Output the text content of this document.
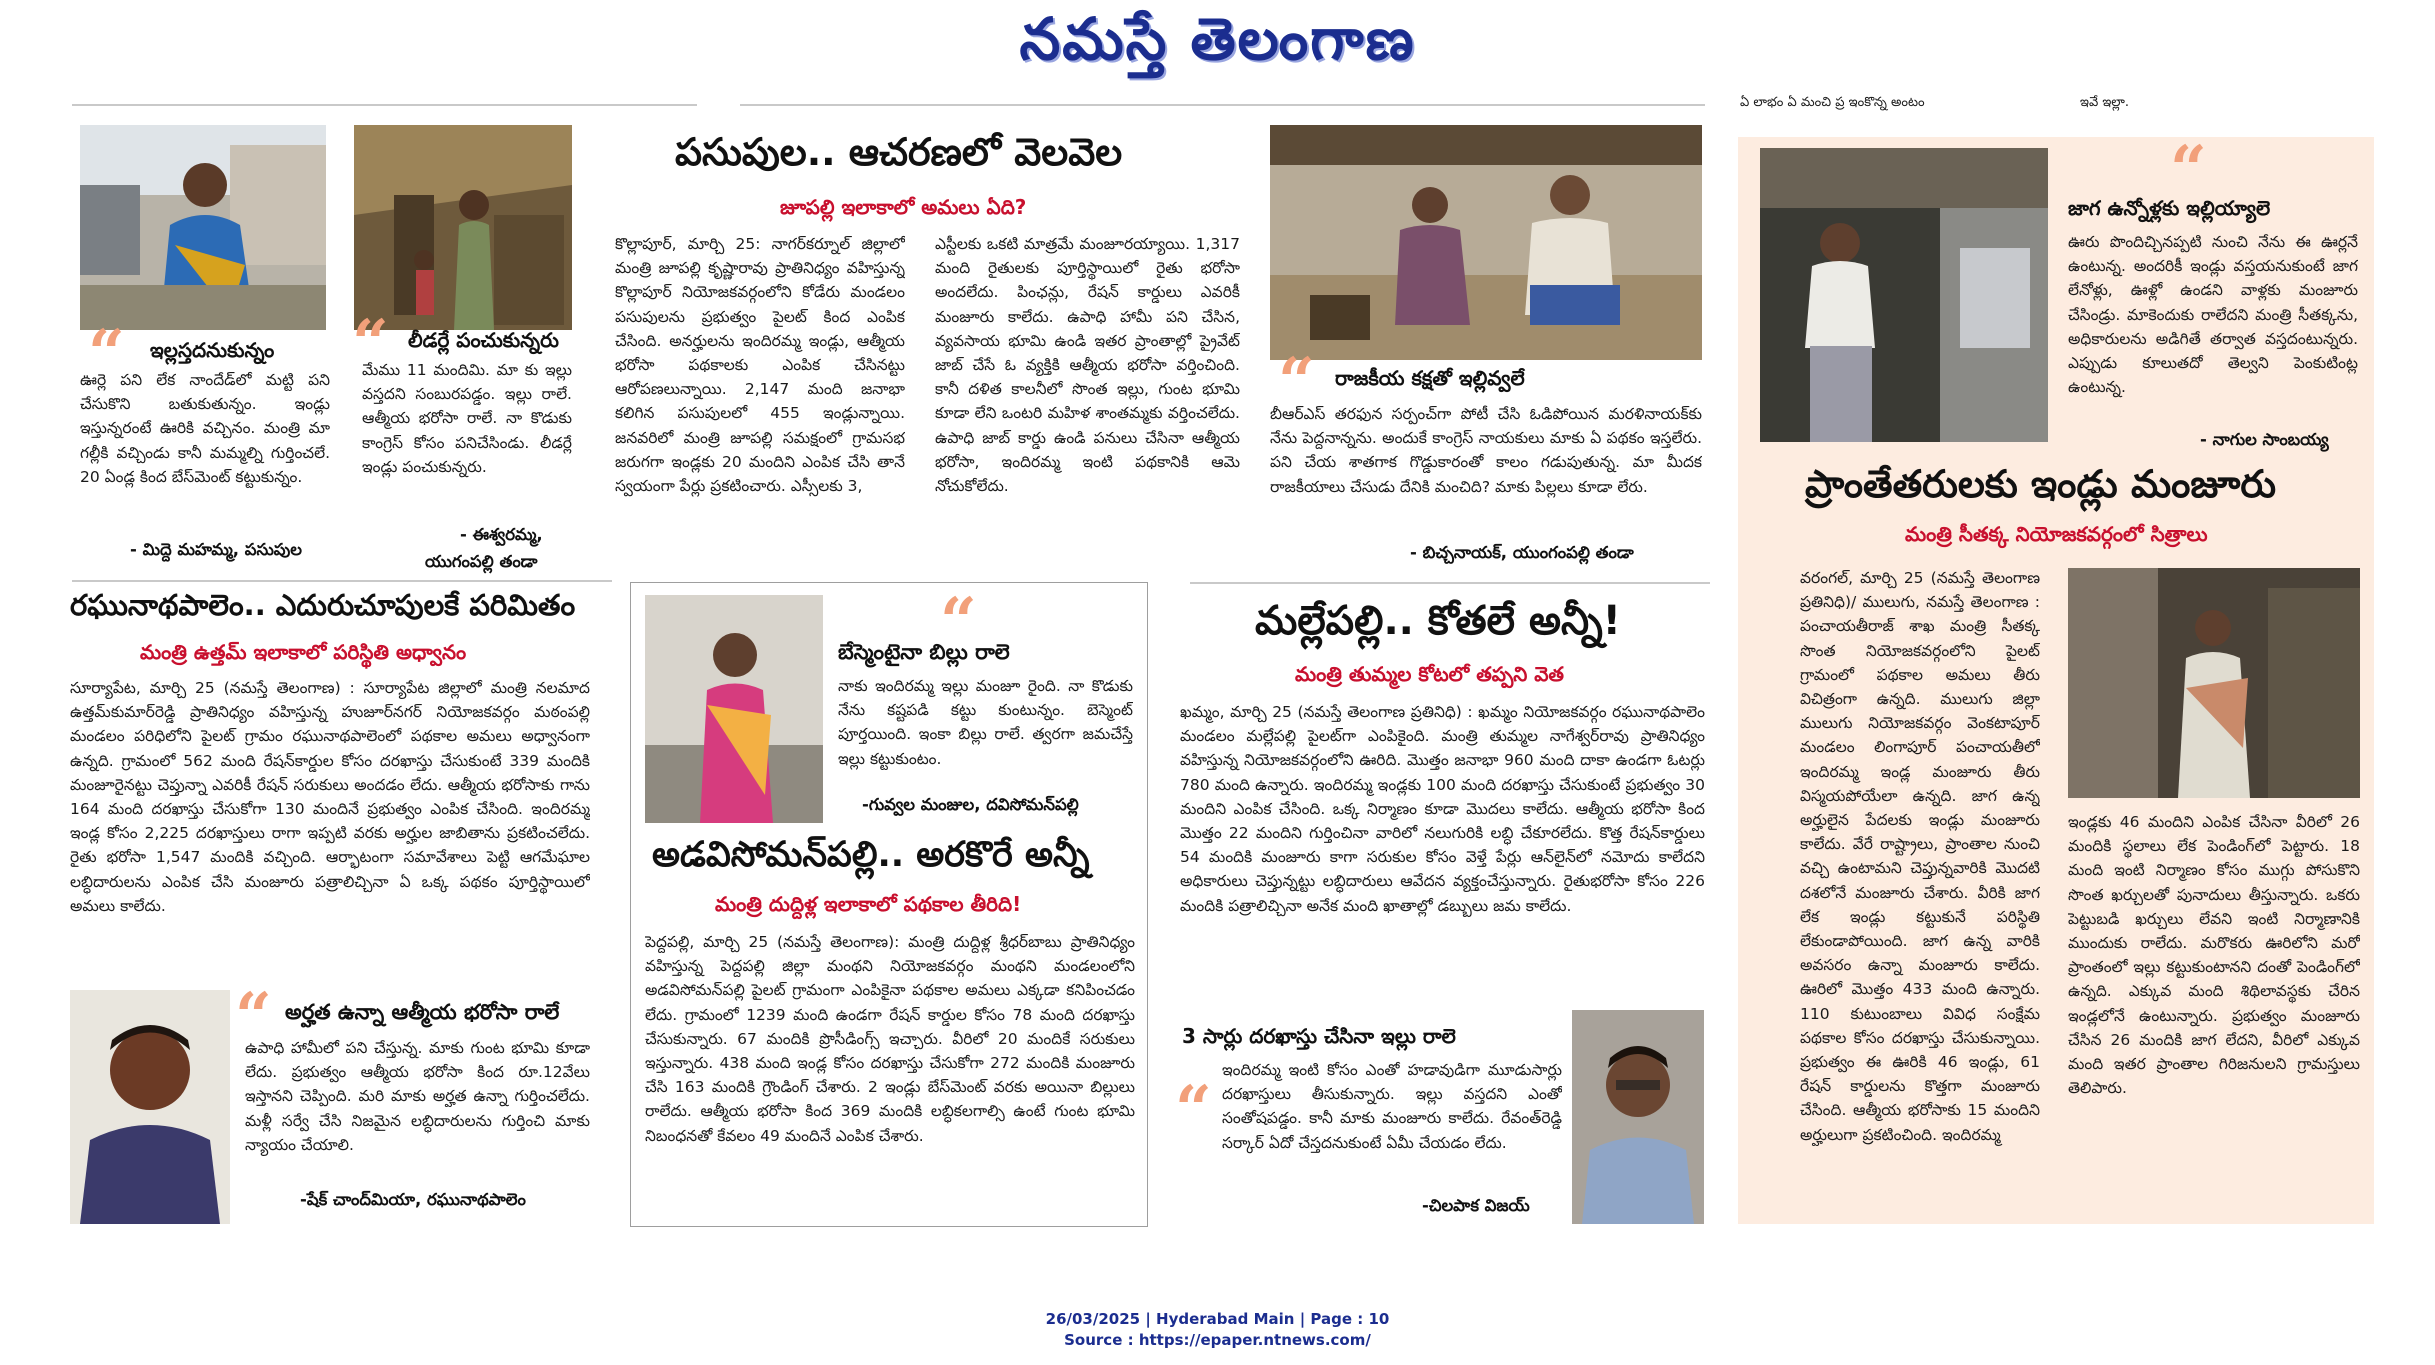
నమస్తే తెలంగాణ
ఏ లాభం ఏ మంచి ప్ర ఇంకొన్న అంటం	ఇవే ఇల్లా.
“ ఇల్లస్తదనుకున్నం
ఊర్లె పని లేక నాందేడ్‌లో మట్టి పని చేసుకొని బతుకుతున్నం. ఇండ్లు ఇస్తున్నరంటే ఊరికి వచ్చినం. మంత్రి మా గల్లీకి వచ్చిండు కానీ మమ్మల్ని గుర్తించలే. 20 ఏండ్ల కింద బేస్‌మెంట్ కట్టుకున్నం.
- మిద్దె మహమ్మ, పసుపుల
“ లీడర్లే పంచుకున్నరు
మేము 11 మందిమి. మా కు ఇల్లు వస్తదని సంబురపడ్డం. ఇల్లు రాలే. ఆత్మీయ భరోసా రాలే. నా కొడుకు కాంగ్రెస్ కోసం పనిచేసిండు. లీడర్లే ఇండ్లు పంచుకున్నరు.
- ఈశ్వరమ్మ,
యుగంపల్లి తండా
పసుపుల.. ఆచరణలో వెలవెల
జూపల్లి ఇలాకాలో అమలు ఏది?
కొల్లాపూర్, మార్చి 25: నాగర్‌కర్నూల్ జిల్లాలో మంత్రి జూపల్లి కృష్ణారావు ప్రాతినిధ్యం వహిస్తున్న కొల్లాపూర్ నియోజకవర్గంలోని కోడేరు మండలం పసుపులను ప్రభుత్వం పైలట్ కింద ఎంపిక చేసింది. అనర్హులను ఇందిరమ్మ ఇండ్లు, ఆత్మీయ భరోసా పథకాలకు ఎంపిక చేసినట్టు ఆరోపణలున్నాయి. 2,147 మంది జనాభా కలిగిన పసుపులలో 455 ఇండ్లున్నాయి. జనవరిలో మంత్రి జూపల్లి సమక్షంలో గ్రామసభ జరుగగా ఇండ్లకు 20 మందిని ఎంపిక చేసి తానే స్వయంగా పేర్లు ప్రకటించారు. ఎస్సీలకు 3,
ఎస్టీలకు ఒకటి మాత్రమే మంజూరయ్యాయి. 1,317 మంది రైతులకు పూర్తిస్థాయిలో రైతు భరోసా అందలేదు. పింఛన్లు, రేషన్ కార్డులు ఎవరికీ మంజూరు కాలేదు. ఉపాధి హామీ పని చేసిన, వ్యవసాయ భూమి ఉండి ఇతర ప్రాంతాల్లో ప్రైవేట్ జాబ్ చేసే ఓ వ్యక్తికి ఆత్మీయ భరోసా వర్తించింది. కానీ దళిత కాలనీలో సొంత ఇల్లు, గుంట భూమి కూడా లేని ఒంటరి మహిళ శాంతమ్మకు వర్తించలేదు. ఉపాధి జాబ్ కార్డు ఉండి పనులు చేసినా ఆత్మీయ భరోసా, ఇందిరమ్మ ఇంటి పథకానికి ఆమె నోచుకోలేదు.
“ రాజకీయ కక్షతో ఇల్లివ్వలే
బీఆర్ఎస్ తరఫున సర్పంచ్‌గా పోటీ చేసి ఓడిపోయిన మరళినాయక్‌కు నేను పెద్దనాన్నను. అందుకే కాంగ్రెస్ నాయకులు మాకు ఏ పథకం ఇస్తలేరు. పని చేయ శాతగాక గొడ్డుకారంతో కాలం గడుపుతున్న. మా మీదక రాజకీయాలు చేసుడు దేనికి మంచిది? మాకు పిల్లలు కూడా లేరు.
- బిచ్చనాయక్, యుంగంపల్లి తండా
“
జాగ ఉన్నోళ్లకు ఇల్లియ్యాలె
ఊరు పొందిచ్చినప్పటి నుంచి నేను ఈ ఊర్లనే ఉంటున్న. అందరికీ ఇండ్లు వస్తయనుకుంటే జాగ లేనోళ్లు, ఊళ్లో ఉండని వాళ్లకు మంజూరు చేసిండ్రు. మాకెందుకు రాలేదని మంత్రి సీతక్కను, అధికారులను అడిగితే తర్వాత వస్తదంటున్నరు. ఎప్పుడు కూలుతదో తెల్వని పెంకుటింట్ల ఉంటున్న.
- నాగుల సాంబయ్య
ప్రాంతేతరులకు ఇండ్లు మంజూరు
మంత్రి సీతక్క నియోజకవర్గంలో సిత్రాలు
వరంగల్, మార్చి 25 (నమస్తే తెలంగాణ ప్రతినిధి)/ ములుగు, నమస్తే తెలంగాణ : పంచాయతీరాజ్ శాఖ మంత్రి సీతక్క సొంత నియోజకవర్గంలోని పైలట్ గ్రామంలో పథకాల అమలు తీరు విచిత్రంగా ఉన్నది. ములుగు జిల్లా ములుగు నియోజకవర్గం వెంకటాపూర్ మండలం లింగాపూర్ పంచాయతీలో ఇందిరమ్మ ఇండ్ల మంజూరు తీరు విస్మయపోయేలా ఉన్నది. జాగ ఉన్న అర్హులైన పేదలకు ఇండ్లు మంజూరు కాలేదు. వేరే రాష్ట్రాలు, ప్రాంతాల నుంచి వచ్చి ఉంటామని చెప్తున్నవారికి మొదటి దశలోనే మంజూరు చేశారు. వీరికి జాగ లేక ఇండ్లు కట్టుకునే పరిస్థితి లేకుండాపోయింది. జాగ ఉన్న వారికి అవసరం ఉన్నా మంజూరు కాలేదు. ఊరిలో మొత్తం 433 మంది ఉన్నారు. 110 కుటుంబాలు వివిధ సంక్షేమ పథకాల కోసం దరఖాస్తు చేసుకున్నాయి. ప్రభుత్వం ఈ ఊరికి 46 ఇండ్లు, 61 రేషన్ కార్డులను కొత్తగా మంజూరు చేసింది. ఆత్మీయ భరోసాకు 15 మందిని అర్హులుగా ప్రకటించింది. ఇందిరమ్మ
ఇండ్లకు 46 మందిని ఎంపిక చేసినా వీరిలో 26 మందికి స్థలాలు లేక పెండింగ్‌లో పెట్టారు. 18 మంది ఇంటి నిర్మాణం కోసం ముగ్గు పోసుకొని సొంత ఖర్చులతో పునాదులు తీస్తున్నారు. ఒకరు పెట్టుబడి ఖర్చులు లేవని ఇంటి నిర్మాణానికి ముందుకు రాలేదు. మరొకరు ఊరిలోని మరో ప్రాంతంలో ఇల్లు కట్టుకుంటానని దంతో పెండింగ్‌లో ఉన్నది. ఎక్కువ మంది శిథిలావస్థకు చేరిన ఇండ్లలోనే ఉంటున్నారు. ప్రభుత్వం మంజూరు చేసిన 26 మందికి జాగ లేదని, వీరిలో ఎక్కువ మంది ఇతర ప్రాంతాల గిరిజనులని గ్రామస్తులు తెలిపారు.
రఘునాథపాలెం.. ఎదురుచూపులకే పరిమితం
మంత్రి ఉత్తమ్ ఇలాకాలో పరిస్థితి అధ్వానం
సూర్యాపేట, మార్చి 25 (నమస్తే తెలంగాణ) : సూర్యాపేట జిల్లాలో మంత్రి నలమాద ఉత్తమ్‌కుమార్‌రెడ్డి ప్రాతినిధ్యం వహిస్తున్న హుజూర్‌నగర్ నియోజకవర్గం మఠంపల్లి మండలం పరిధిలోని పైలట్ గ్రామం రఘునాథపాలెంలో పథకాల అమలు అధ్వానంగా ఉన్నది. గ్రామంలో 562 మంది రేషన్‌కార్డుల కోసం దరఖాస్తు చేసుకుంటే 339 మందికి మంజూరైనట్టు చెప్తున్నా ఎవరికీ రేషన్ సరుకులు అందడం లేదు. ఆత్మీయ భరోసాకు గాను 164 మంది దరఖాస్తు చేసుకోగా 130 మందినే ప్రభుత్వం ఎంపిక చేసింది. ఇందిరమ్మ ఇండ్ల కోసం 2,225 దరఖాస్తులు రాగా ఇప్పటి వరకు అర్హుల జాబితాను ప్రకటించలేదు. రైతు భరోసా 1,547 మందికి వచ్చింది. ఆర్భాటంగా సమావేశాలు పెట్టి ఆగమేఘాల లబ్ధిదారులను ఎంపిక చేసి మంజూరు పత్రాలిచ్చినా ఏ ఒక్క పథకం పూర్తిస్థాయిలో అమలు కాలేదు.
“ అర్హత ఉన్నా ఆత్మీయ భరోసా రాలే
ఉపాధి హామీలో పని చేస్తున్న. మాకు గుంట భూమి కూడా లేదు. ప్రభుత్వం ఆత్మీయ భరోసా కింద రూ.12వేలు ఇస్తానని చెప్పింది. మరి మాకు అర్హత ఉన్నా గుర్తించలేదు. మళ్లీ సర్వే చేసి నిజమైన లబ్ధిదారులను గుర్తించి మాకు న్యాయం చేయాలి.
-షేక్ చాంద్‌మియా, రఘునాథపాలెం
“
బేస్మెంటైనా బిల్లు రాలె
నాకు ఇందిరమ్మ ఇల్లు మంజూ రైంది. నా కొడుకు నేను కష్టపడి కట్టు కుంటున్నం. బెస్మెంట్ పూర్తయింది. ఇంకా బిల్లు రాలే. త్వరగా జమచేస్తే ఇల్లు కట్టుకుంటం.
-గువ్వల మంజుల, దవిసోమన్‌పల్లి
అడవిసోమన్‌పల్లి.. అరకొరే అన్నీ
మంత్రి దుద్దిళ్ల ఇలాకాలో పథకాల తీరిది!
పెద్దపల్లి, మార్చి 25 (నమస్తే తెలంగాణ): మంత్రి దుద్దిళ్ల శ్రీధర్‌బాబు ప్రాతినిధ్యం వహిస్తున్న పెద్దపల్లి జిల్లా మంథని నియోజకవర్గం మంథని మండలంలోని అడవిసోమన్‌పల్లి పైలట్ గ్రామంగా ఎంపికైనా పథకాల అమలు ఎక్కడా కనిపించడం లేదు. గ్రామంలో 1239 మంది ఉండగా రేషన్ కార్డుల కోసం 78 మంది దరఖాస్తు చేసుకున్నారు. 67 మందికి ప్రొసీడింగ్స్ ఇచ్చారు. వీరిలో 20 మందికే సరుకులు ఇస్తున్నారు. 438 మంది ఇండ్ల కోసం దరఖాస్తు చేసుకోగా 272 మందికి మంజూరు చేసి 163 మందికి గ్రౌండింగ్ చేశారు. 2 ఇండ్లు బేస్‌మెంట్ వరకు అయినా బిల్లులు రాలేదు. ఆత్మీయ భరోసా కింద 369 మందికి లబ్ధికలగాల్సి ఉంటే గుంట భూమి నిబంధనతో కేవలం 49 మందినే ఎంపిక చేశారు.
మల్లేపల్లి.. కోతలే అన్నీ!
మంత్రి తుమ్మల కోటలో తప్పని వెత
ఖమ్మం, మార్చి 25 (నమస్తే తెలంగాణ ప్రతినిధి) : ఖమ్మం నియోజకవర్గం రఘునాథపాలెం మండలం మల్లేపల్లి పైలట్‌గా ఎంపికైంది. మంత్రి తుమ్మల నాగేశ్వర్‌రావు ప్రాతినిధ్యం వహిస్తున్న నియోజకవర్గంలోని ఊరిది. మొత్తం జనాభా 960 మంది దాకా ఉండగా ఓటర్లు 780 మంది ఉన్నారు. ఇందిరమ్మ ఇండ్లకు 100 మంది దరఖాస్తు చేసుకుంటే ప్రభుత్వం 30 మందిని ఎంపిక చేసింది. ఒక్క నిర్మాణం కూడా మొదలు కాలేదు. ఆత్మీయ భరోసా కింద మొత్తం 22 మందిని గుర్తించినా వారిలో నలుగురికి లబ్ధి చేకూరలేదు. కొత్త రేషన్‌కార్డులు 54 మందికి మంజూరు కాగా సరుకుల కోసం వెళ్తే పేర్లు ఆన్‌లైన్‌లో నమోదు కాలేదని అధికారులు చెప్తున్నట్టు లబ్ధిదారులు ఆవేదన వ్యక్తంచేస్తున్నారు. రైతుభరోసా కోసం 226 మందికి పత్రాలిచ్చినా అనేక మంది ఖాతాల్లో డబ్బులు జమ కాలేదు.
3 సార్లు దరఖాస్తు చేసినా ఇల్లు రాలె
“
ఇందిరమ్మ ఇంటి కోసం ఎంతో హడావుడిగా మూడుసార్లు దరఖాస్తులు తీసుకున్నారు. ఇల్లు వస్తదని ఎంతో సంతోషపడ్డం. కానీ మాకు మంజూరు కాలేదు. రేవంత్‌రెడ్డి సర్కార్ ఏదో చేస్తదనుకుంటే ఏమీ చేయడం లేదు.
-చిలపాక విజయ్
26/03/2025 | Hyderabad Main | Page : 10
Source : https://epaper.ntnews.com/
